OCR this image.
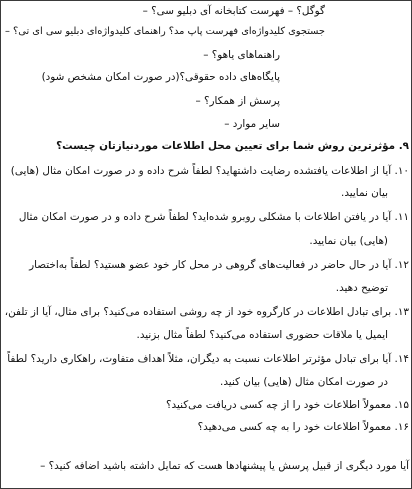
گوگل؟ – فهرست کتابخانه آی دبلیو سی؟ –
جستجوی کلیدواژه‌ای فهرست پاپ مد؟ راهنمای کلیدواژه‌ای دبلیو سی ای تی؟ –
راهنماهای یاهو؟ –
پایگاه‌های داده حقوقی؟(در صورت امکان مشخص شود)
پرسش از همکار؟ –
سایر موارد –
۹. مؤثرترین روش شما برای تعیین محل اطلاعات موردنیازتان چیست؟
۱۰. آیا از اطلاعات یافتشده رضایت داشتهاید؟ لطفاً شرح داده و در صورت امکان مثال (هایی)
بیان نمایید.
۱۱. آیا در یافتن اطلاعات با مشکلی روبرو شده‌اید؟ لطفاً شرح داده و در صورت امکان مثال
(هایی) بیان نمایید.
۱۲. آیا در حال حاضر در فعالیت‌های گروهی در محل کار خود عضو هستید؟ لطفاً به‌اختصار
توضیح دهید.
۱۳. برای تبادل اطلاعات در کارگروه خود از چه روشی استفاده می‌کنید؟ برای مثال، آیا از تلفن،
ایمیل یا ملاقات حضوری استفاده می‌کنید؟ لطفاً مثال بزنید.
۱۴. آیا برای تبادل مؤثرتر اطلاعات نسبت به دیگران، مثلاً اهداف متفاوت، راهکاری دارید؟ لطفاً
در صورت امکان مثال (هایی) بیان کنید.
۱۵. معمولاً اطلاعات خود را از چه کسی دریافت می‌کنید؟
۱۶. معمولاً اطلاعات خود را به چه کسی می‌دهید؟
آیا مورد دیگری از قبیل پرسش یا پیشنهادها هست که تمایل داشته باشید اضافه کنید؟ –
